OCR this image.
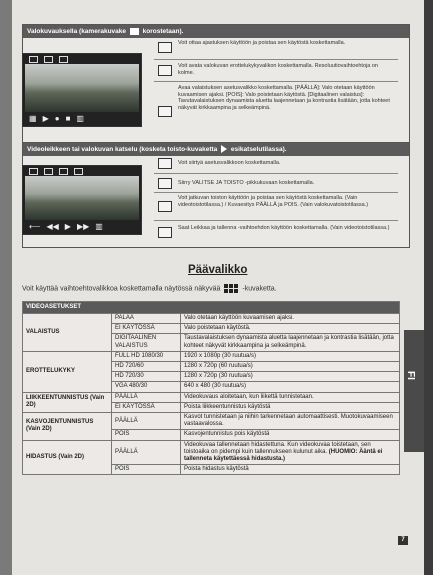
Valokuvauksella (kamerakuvake	korostetaan).
▦ ▶ ● ■ ▥
Voit ottaa ajastuksen käyttöön ja poistaa sen käytöstä koskettamalla.
Voit avata valokuvan erottelukykyvalikon koskettamalla. Resoluutiovaihtoehtoja on kolme.
Avaa valaistuksen asetusvalikko koskettamalla. [PÄÄLLÄ]: Valo otetaan käyttöön kuvaamisen ajaksi. [POIS]: Valo poistetaan käytöstä. [Digitaalinen valaistus]: Tavutavalaistuksen dynaamista aluetta laajennetaan ja kontrastia lisätään, jotta kohteet näkyvät kirkkaampina ja selkeämpinä.
Videoleikkeen tai valokuvan katselu (kosketa toisto-kuvaketta esikatselutilassa).
⟵ ◀◀ ▶ ▶▶ ▥
Voit siirtyä asetusvalikkoon koskettamalla.
Siirry VALITSE JA TOISTO -pikkukuvaan koskettamalla.
Voit jatkuvan toiston käyttöön ja poistaa sen käytöstä koskettamalla. (Vain videotoistotilassa.) / Kuvaesitys PÄÄLLÄ ja POIS. (Vain valokuvatoistotilassa.)
Saat Leikkaa ja tallenna -vaihtoehdon käyttöön koskettamalla. (Vain videotoistotilassa.)
Päävalikko
Voit käyttää vaihtoehtovalikkoa koskettamalla näytössä näkyvää	-kuvaketta.
VIDEOASETUKSET		
VALAISTUS	PALAA	Valo otetaan käyttöön kuvaamisen ajaksi.
	EI KÄYTÖSSÄ	Valo poistetaan käytöstä.
	DIGITAALINEN VALAISTUS	Taustavalaistuksen dynaamista aluetta laajennetaan ja kontrastia lisätään, jotta kohteet näkyvät kirkkaampina ja selkeämpinä.
EROTTELUKYKY	FULL HD 1080/30	1920 x 1080p (30 ruutua/s)
	HD 720/60	1280 x 720p (60 ruutua/s)
	HD 720/30	1280 x 720p (30 ruutua/s)
	VGA 480/30	640 x 480 (30 ruutua/s)
LIIKKEENTUNNISTUS (Vain 2D)	PÄÄLLÄ	Videokuvaus aloitetaan, kun liikettä tunnistetaan.
	EI KÄYTÖSSÄ	Poista liikkeentunnistus käytöstä
KASVOJENTUNNISTUS (Vain 2D)	PÄÄLLÄ	Kasvot tunnistetaan ja niihin tarkennetaan automaattisesti. Muotokuvaamiseen vastaavalossa.
	POIS	Kasvojentunnistus pois käytöstä
HIDASTUS (Vain 2D)	PÄÄLLÄ	Videokuvaa tallennetaan hidastettuna. Kun videokuvaa toistetaan, sen toistoaika on pidempi kuin tallennukseen kulunut aika. (HUOMIO: Ääntä ei tallenneta käytettäessä hidastusta.)
	POIS	Poista hidastus käytöstä
FI
7
